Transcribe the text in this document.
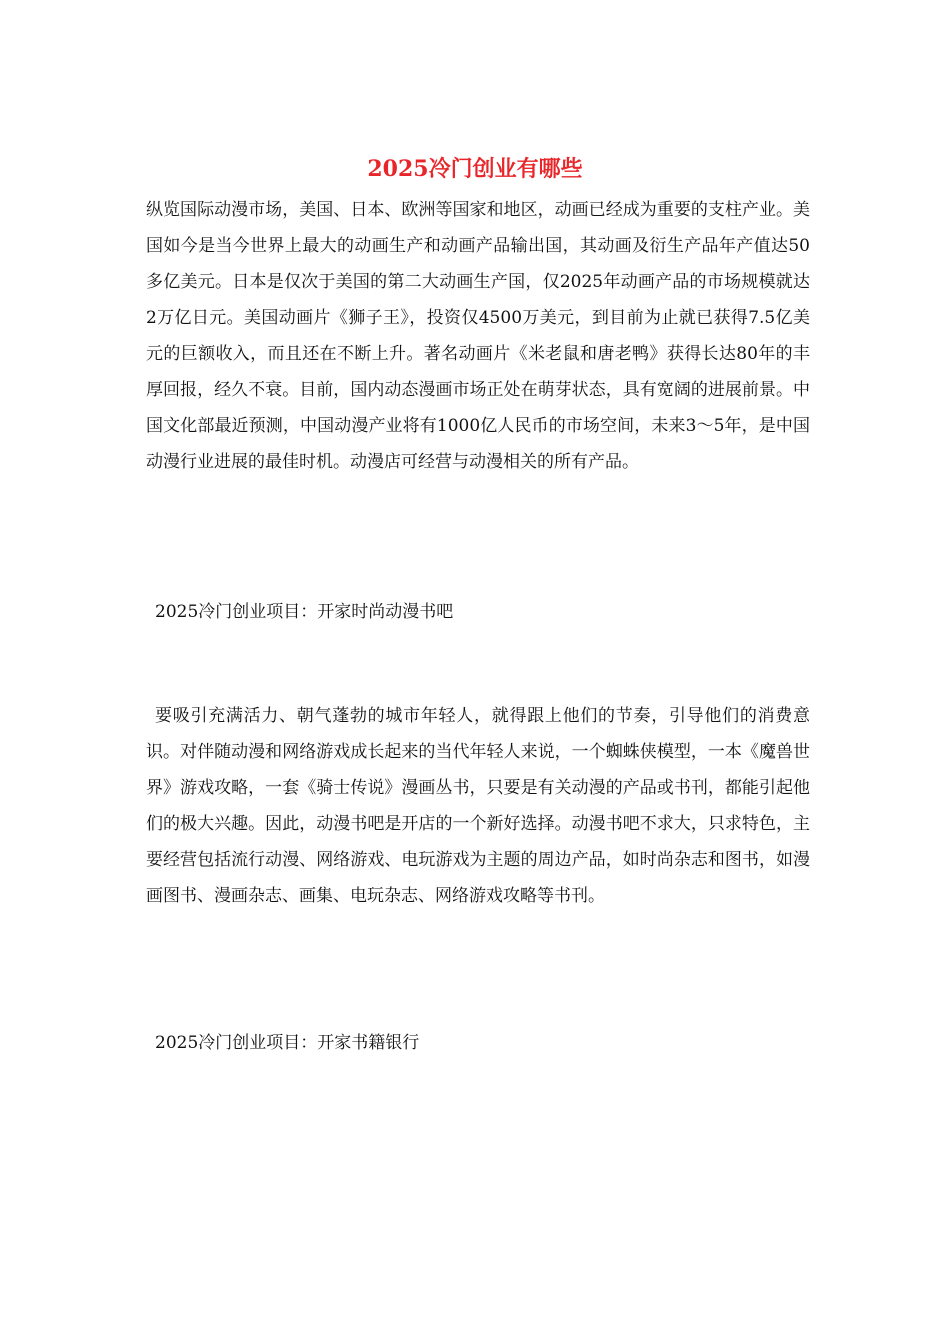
2025冷门创业有哪些

纵览国际动漫市场，美国、日本、欧洲等国家和地区，动画已经成为重要的支柱产业。美国如今是当今世界上最大的动画生产和动画产品输出国，其动画及衍生产品年产值达50多亿美元。日本是仅次于美国的第二大动画生产国，仅2025年动画产品的市场规模就达2万亿日元。美国动画片《狮子王》，投资仅4500万美元，到目前为止就已获得7.5亿美元的巨额收入，而且还在不断上升。著名动画片《米老鼠和唐老鸭》获得长达80年的丰厚回报，经久不衰。目前，国内动态漫画市场正处在萌芽状态，具有宽阔的进展前景。中国文化部最近预测，中国动漫产业将有1000亿人民币的市场空间，未来3～5年，是中国动漫行业进展的最佳时机。动漫店可经营与动漫相关的所有产品。

2025冷门创业项目：开家时尚动漫书吧

要吸引充满活力、朝气蓬勃的城市年轻人，就得跟上他们的节奏，引导他们的消费意识。对伴随动漫和网络游戏成长起来的当代年轻人来说，一个蜘蛛侠模型，一本《魔兽世界》游戏攻略，一套《骑士传说》漫画丛书，只要是有关动漫的产品或书刊，都能引起他们的极大兴趣。因此，动漫书吧是开店的一个新好选择。动漫书吧不求大，只求特色，主要经营包括流行动漫、网络游戏、电玩游戏为主题的周边产品，如时尚杂志和图书，如漫画图书、漫画杂志、画集、电玩杂志、网络游戏攻略等书刊。

2025冷门创业项目：开家书籍银行
